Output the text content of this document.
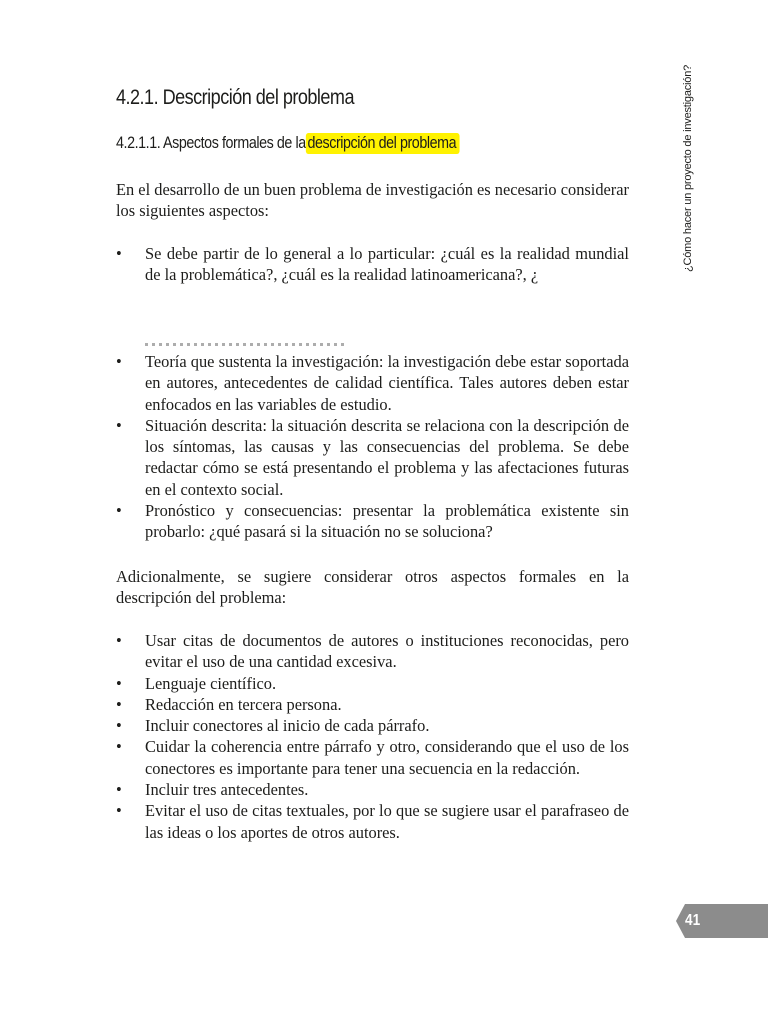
4.2.1. Descripción del problema
4.2.1.1. Aspectos formales de ladescripción del problema

En el desarrollo de un buen problema de investigación es necesario considerar los siguientes aspectos:

• Se debe partir de lo general a lo particular: ¿cuál es la realidad mundial de la problemática?, ¿cuál es la realidad latinoamericana?, ¿
• Teoría que sustenta la investigación: la investigación debe estar soportada en autores, antecedentes de calidad científica. Tales autores deben estar enfocados en las variables de estudio.
• Situación descrita: la situación descrita se relaciona con la descripción de los síntomas, las causas y las consecuencias del problema. Se debe redactar cómo se está presentando el problema y las afectaciones futuras en el contexto social.
• Pronóstico y consecuencias: presentar la problemática existente sin probarlo: ¿qué pasará si la situación no se soluciona?

Adicionalmente, se sugiere considerar otros aspectos formales en la descripción del problema:

• Usar citas de documentos de autores o instituciones reconocidas, pero evitar el uso de una cantidad excesiva.
• Lenguaje científico.
• Redacción en tercera persona.
• Incluir conectores al inicio de cada párrafo.
• Cuidar la coherencia entre párrafo y otro, considerando que el uso de los conectores es importante para tener una secuencia en la redacción.
• Incluir tres antecedentes.
• Evitar el uso de citas textuales, por lo que se sugiere usar el parafraseo de las ideas o los aportes de otros autores.

¿Cómo hacer un proyecto de investigación?

41
